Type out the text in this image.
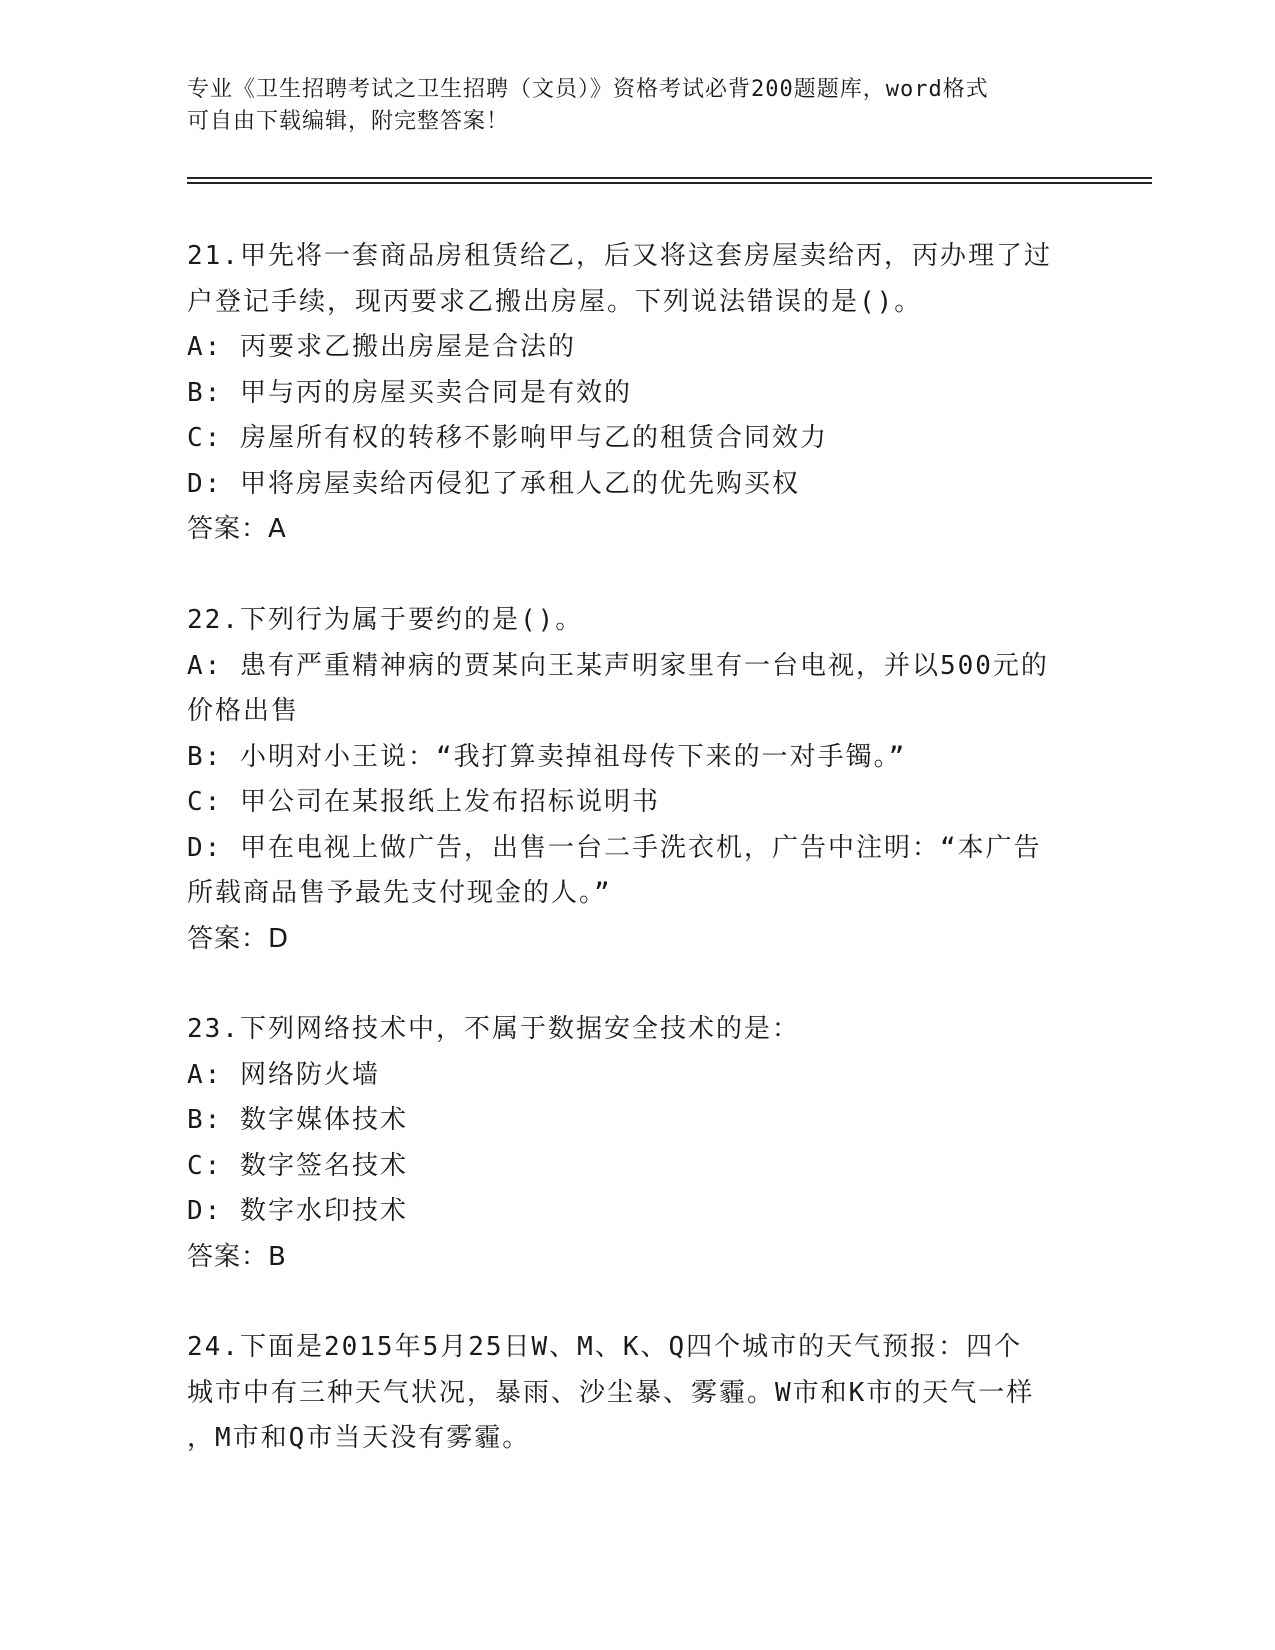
专业《卫生招聘考试之卫生招聘（文员）》资格考试必背200题题库，word格式
可自由下载编辑，附完整答案！
21.甲先将一套商品房租赁给乙，后又将这套房屋卖给丙，丙办理了过
户登记手续，现丙要求乙搬出房屋。下列说法错误的是()。
A: 丙要求乙搬出房屋是合法的
B: 甲与丙的房屋买卖合同是有效的
C: 房屋所有权的转移不影响甲与乙的租赁合同效力
D: 甲将房屋卖给丙侵犯了承租人乙的优先购买权
答案：A
22.下列行为属于要约的是()。
A: 患有严重精神病的贾某向王某声明家里有一台电视，并以500元的
价格出售
B: 小明对小王说：“我打算卖掉祖母传下来的一对手镯。”
C: 甲公司在某报纸上发布招标说明书
D: 甲在电视上做广告，出售一台二手洗衣机，广告中注明：“本广告
所载商品售予最先支付现金的人。”
答案：D
23.下列网络技术中，不属于数据安全技术的是：
A: 网络防火墙
B: 数字媒体技术
C: 数字签名技术
D: 数字水印技术
答案：B
24.下面是2015年5月25日W、M、K、Q四个城市的天气预报：四个
城市中有三种天气状况，暴雨、沙尘暴、雾霾。W市和K市的天气一样
，M市和Q市当天没有雾霾。
